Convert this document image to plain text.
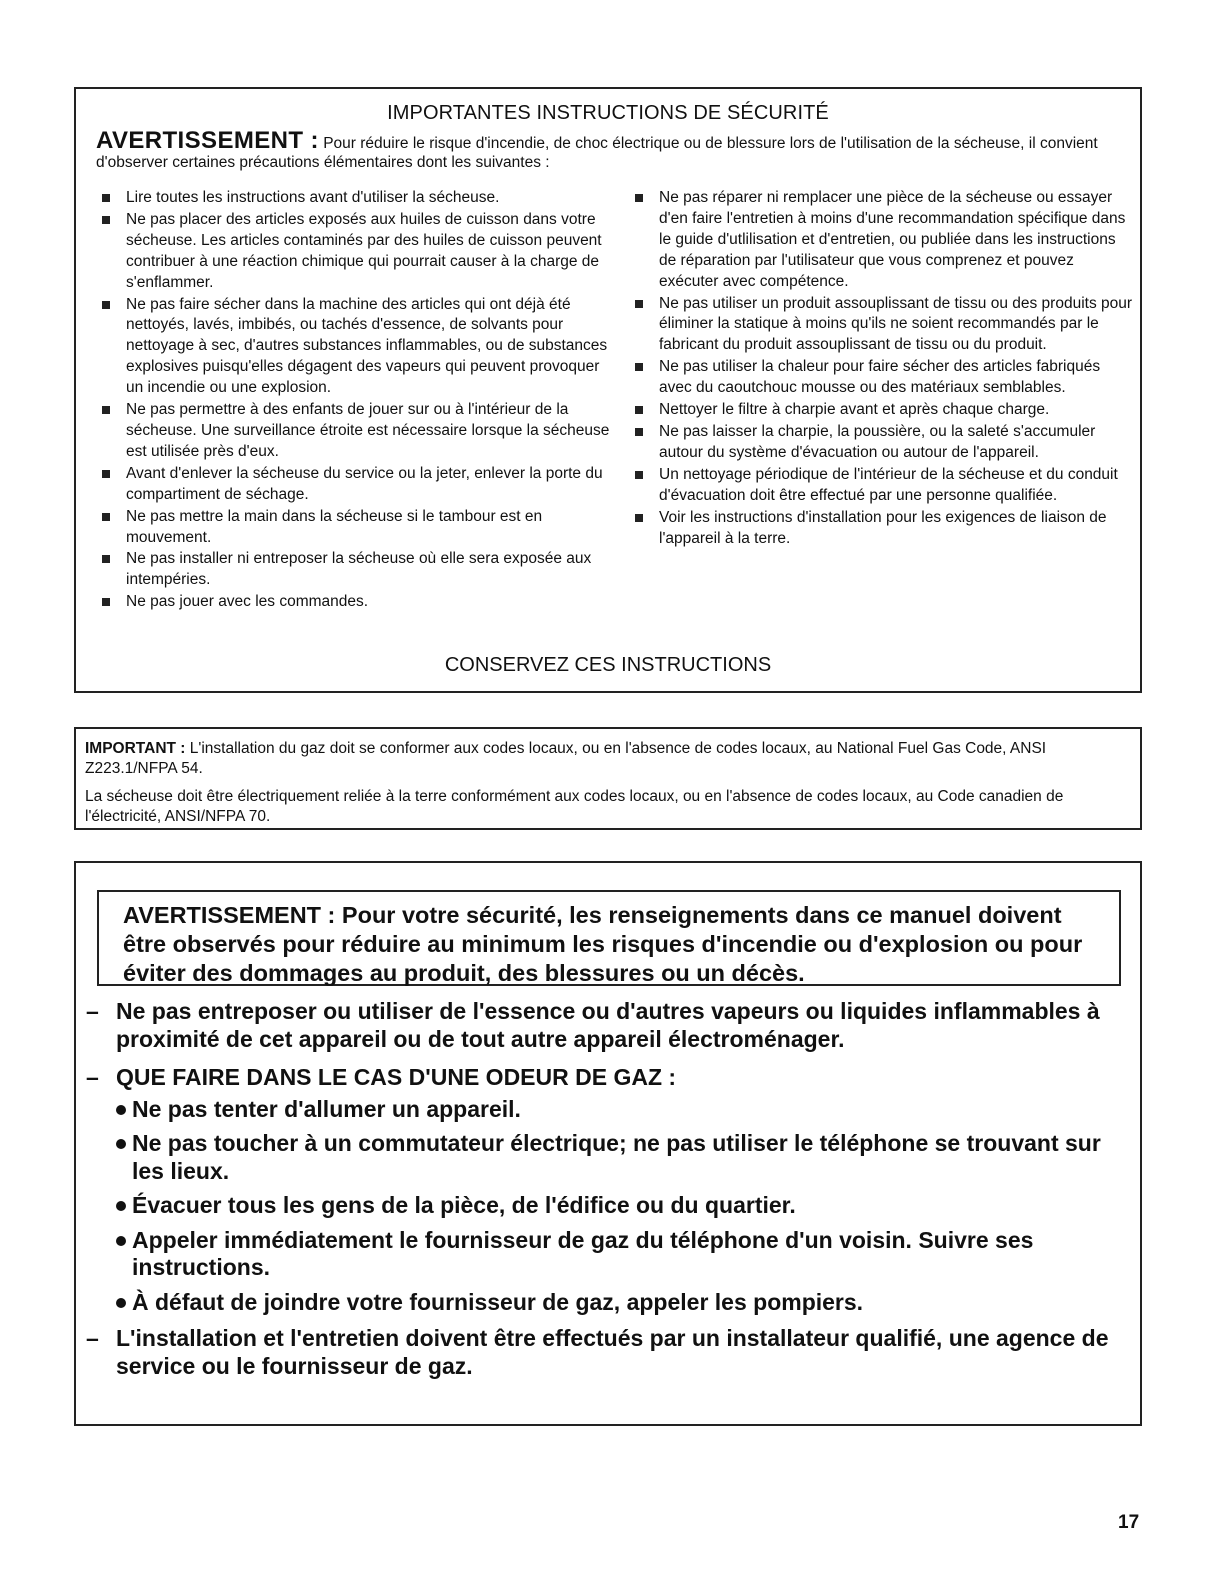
IMPORTANTES INSTRUCTIONS DE SÉCURITÉ
AVERTISSEMENT : Pour réduire le risque d'incendie, de choc électrique ou de blessure lors de l'utilisation de la sécheuse, il convient d'observer certaines précautions élémentaires dont les suivantes :
Lire toutes les instructions avant d'utiliser la sécheuse.
Ne pas placer des articles exposés aux huiles de cuisson dans votre sécheuse. Les articles contaminés par des huiles de cuisson peuvent contribuer à une réaction chimique qui pourrait causer à la charge de s'enflammer.
Ne pas faire sécher dans la machine des articles qui ont déjà été nettoyés, lavés, imbibés, ou tachés d'essence, de solvants pour nettoyage à sec, d'autres substances inflammables, ou de substances explosives puisqu'elles dégagent des vapeurs qui peuvent provoquer un incendie ou une explosion.
Ne pas permettre à des enfants de jouer sur ou à l'intérieur de la sécheuse. Une surveillance étroite est nécessaire lorsque la sécheuse est utilisée près d'eux.
Avant d'enlever la sécheuse du service ou la jeter, enlever la porte du compartiment de séchage.
Ne pas mettre la main dans la sécheuse si le tambour est en mouvement.
Ne pas installer ni entreposer la sécheuse où elle sera exposée aux intempéries.
Ne pas jouer avec les commandes.
Ne pas réparer ni remplacer une pièce de la sécheuse ou essayer d'en faire l'entretien à moins d'une recommandation spécifique dans le guide d'utlilisation et d'entretien, ou publiée dans les instructions de réparation par l'utilisateur que vous comprenez et pouvez exécuter avec compétence.
Ne pas utiliser un produit assouplissant de tissu ou des produits pour éliminer la statique à moins qu'ils ne soient recommandés par le fabricant du produit assouplissant de tissu ou du produit.
Ne pas utiliser la chaleur pour faire sécher des articles fabriqués avec du caoutchouc mousse ou des matériaux semblables.
Nettoyer le filtre à charpie avant et après chaque charge.
Ne pas laisser la charpie, la poussière, ou la saleté s'accumuler autour du système d'évacuation ou autour de l'appareil.
Un nettoyage périodique de l'intérieur de la sécheuse et du conduit d'évacuation doit être effectué par une personne qualifiée.
Voir les instructions d'installation pour les exigences de liaison de l'appareil à la terre.
CONSERVEZ CES INSTRUCTIONS
IMPORTANT : L'installation du gaz doit se conformer aux codes locaux, ou en l'absence de codes locaux, au National Fuel Gas Code, ANSI Z223.1/NFPA 54.
La sécheuse doit être électriquement reliée à la terre conformément aux codes locaux, ou en l'absence de codes locaux, au Code canadien de l'électricité, ANSI/NFPA 70.
AVERTISSEMENT : Pour votre sécurité, les renseignements dans ce manuel doivent être observés pour réduire au minimum les risques d'incendie ou d'explosion ou pour éviter des dommages au produit, des blessures ou un décès.
– Ne pas entreposer ou utiliser de l'essence ou d'autres vapeurs ou liquides inflammables à proximité de cet appareil ou de tout autre appareil électroménager.
– QUE FAIRE DANS LE CAS D'UNE ODEUR DE GAZ :
Ne pas tenter d'allumer un appareil.
Ne pas toucher à un commutateur électrique; ne pas utiliser le téléphone se trouvant sur les lieux.
Évacuer tous les gens de la pièce, de l'édifice ou du quartier.
Appeler immédiatement le fournisseur de gaz du téléphone d'un voisin. Suivre ses instructions.
À défaut de joindre votre fournisseur de gaz, appeler les pompiers.
– L'installation et l'entretien doivent être effectués par un installateur qualifié, une agence de service ou le fournisseur de gaz.
17
